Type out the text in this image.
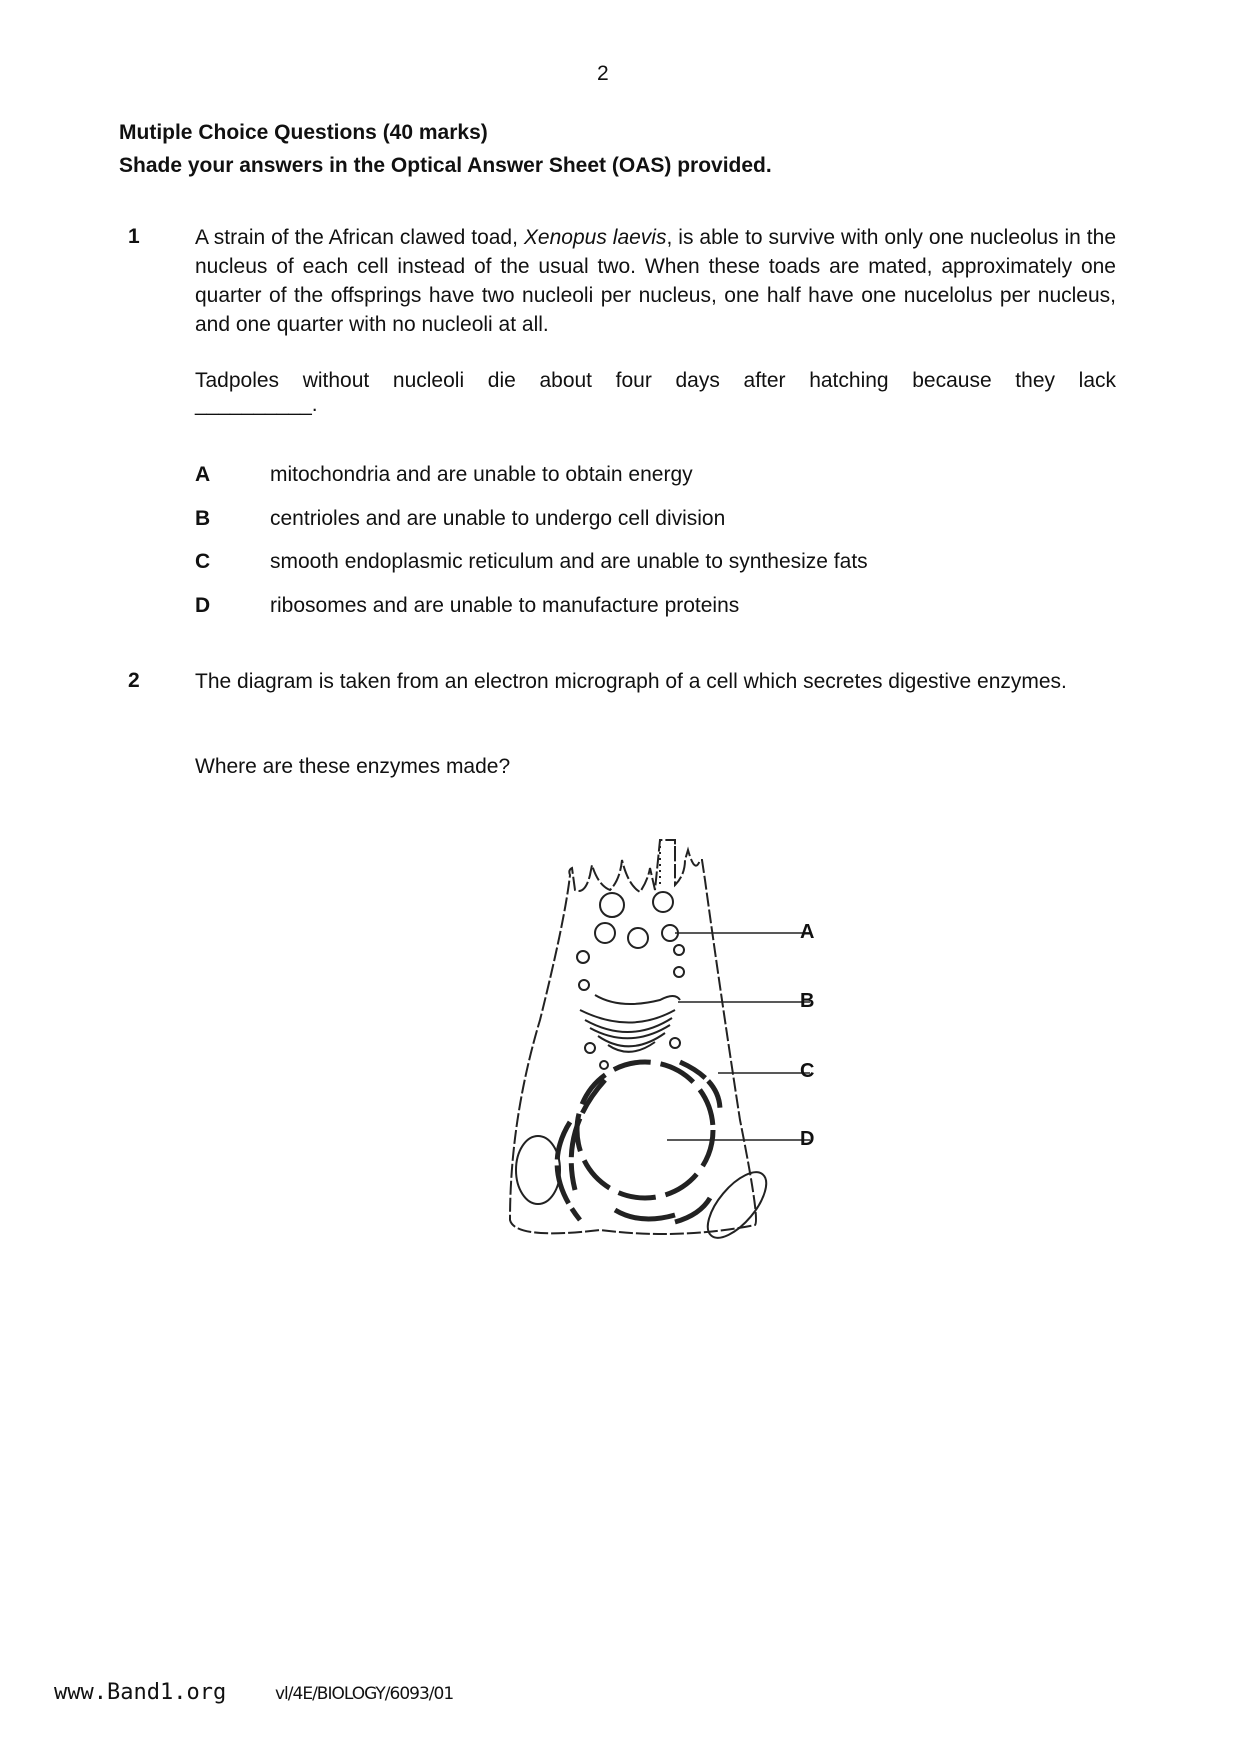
2
Mutiple Choice Questions (40 marks)
Shade your answers in the Optical Answer Sheet (OAS) provided.
1	A strain of the African clawed toad, Xenopus laevis, is able to survive with only one nucleolus in the nucleus of each cell instead of the usual two. When these toads are mated, approximately one quarter of the offsprings have two nucleoli per nucleus, one half have one nucelolus per nucleus, and one quarter with no nucleoli at all.
Tadpoles without nucleoli die about four days after hatching because they lack
__________.
A	mitochondria and are unable to obtain energy
B	centrioles and are unable to undergo cell division
C	smooth endoplasmic reticulum and are unable to synthesize fats
D	ribosomes and are unable to manufacture proteins
2	The diagram is taken from an electron micrograph of a cell which secretes digestive enzymes.
Where are these enzymes made?
A
B
C
D
www.Band1.org	vl/4E/BIOLOGY/6093/01
